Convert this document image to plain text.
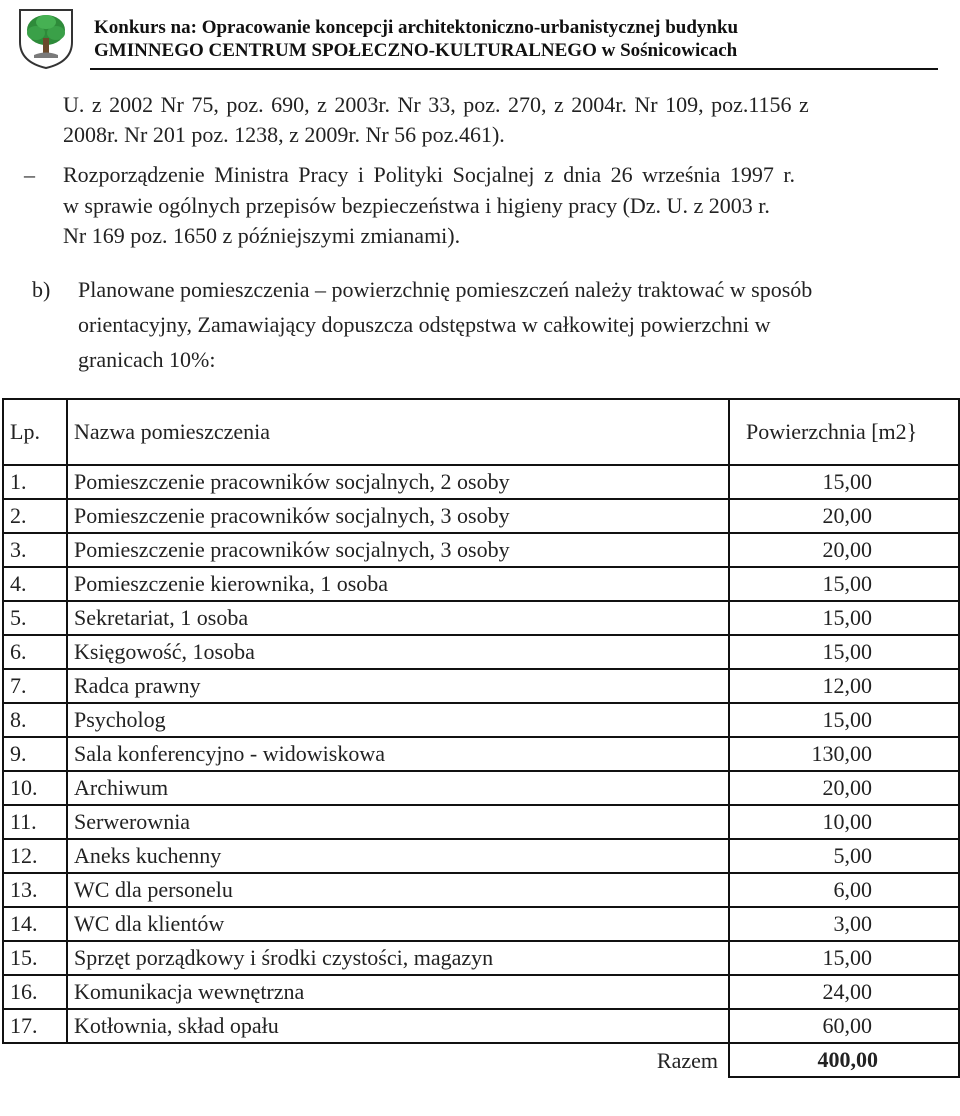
Konkurs na: Opracowanie koncepcji architektoniczno-urbanistycznej budynku
GMINNEGO CENTRUM SPOŁECZNO-KULTURALNEGO w Sośnicowicach
U. z 2002 Nr 75, poz. 690, z 2003r. Nr 33, poz. 270, z 2004r. Nr 109, poz.1156 z
2008r. Nr 201 poz. 1238, z 2009r. Nr 56 poz.461).
– Rozporządzenie Ministra Pracy i Polityki Socjalnej z dnia 26 września 1997 r.
w sprawie ogólnych przepisów bezpieczeństwa i higieny pracy (Dz. U. z 2003 r.
Nr 169 poz. 1650 z późniejszymi zmianami).
b) Planowane pomieszczenia – powierzchnię pomieszczeń należy traktować w sposób
orientacyjny, Zamawiający dopuszcza odstępstwa w całkowitej powierzchni w
granicach 10%:
Lp.	Nazwa pomieszczenia	Powierzchnia [m2}
1.	Pomieszczenie pracowników socjalnych, 2 osoby	15,00
2.	Pomieszczenie pracowników socjalnych, 3 osoby	20,00
3.	Pomieszczenie pracowników socjalnych, 3 osoby	20,00
4.	Pomieszczenie kierownika, 1 osoba	15,00
5.	Sekretariat, 1 osoba	15,00
6.	Księgowość, 1osoba	15,00
7.	Radca prawny	12,00
8.	Psycholog	15,00
9.	Sala konferencyjno - widowiskowa	130,00
10.	Archiwum	20,00
11.	Serwerownia	10,00
12.	Aneks kuchenny	5,00
13.	WC dla personelu	6,00
14.	WC dla klientów	3,00
15.	Sprzęt porządkowy i środki czystości, magazyn	15,00
16.	Komunikacja wewnętrzna	24,00
17.	Kotłownia, skład opału	60,00
Razem		400,00
